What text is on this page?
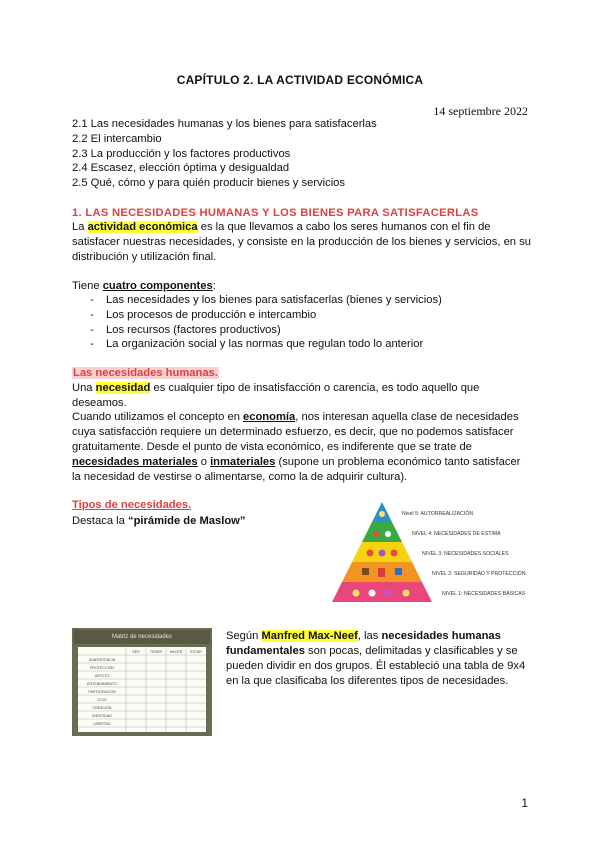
CAPÍTULO 2. LA ACTIVIDAD ECONÓMICA
14 septiembre 2022
2.1 Las necesidades humanas y los bienes para satisfacerlas
2.2 El intercambio
2.3 La producción y los factores productivos
2.4 Escasez, elección óptima y desigualdad
2.5 Qué, cómo y para quién producir bienes y servicios
1. LAS NECESIDADES HUMANAS Y LOS BIENES PARA SATISFACERLAS
La actividad económica es la que llevamos a cabo los seres humanos con el fin de satisfacer nuestras necesidades, y consiste en la producción de los bienes y servicios, en su distribución y utilización final.
Tiene cuatro componentes:
- Las necesidades y los bienes para satisfacerlas (bienes y servicios)
- Los procesos de producción e intercambio
- Los recursos (factores productivos)
- La organización social y las normas que regulan todo lo anterior
Las necesidades humanas.
Una necesidad es cualquier tipo de insatisfacción o carencia, es todo aquello que deseamos.
Cuando utilizamos el concepto en economía, nos interesan aquella clase de necesidades cuya satisfacción requiere un determinado esfuerzo, es decir, que no podemos satisfacer gratuitamente. Desde el punto de vista económico, es indiferente que se trate de necesidades materiales o inmateriales (supone un problema económico tanto satisfacer la necesidad de vestirse o alimentarse, como la de adquirir cultura).
Tipos de necesidades.
Destaca la “pirámide de Maslow”
Nivel 5: AUTORREALIZACIÓN
NIVEL 4: NECESIDADES DE ESTIMA
NIVEL 3: NECESIDADES SOCIALES
NIVEL 2: SEGURIDAD Y PROTECCIÓN
NIVEL 1: NECESIDADES BÁSICAS
Matriz de necesidades
SER	TENER HACER ESTAR
SUBSISTENCIA
PROTECCIÓN
AFECTO
ENTENDIMIENTO
PARTICIPACIÓN
OCIO
CREACIÓN
IDENTIDAD
LIBERTAD
Según Manfred Max-Neef, las necesidades humanas fundamentales son pocas, delimitadas y clasificables y se pueden dividir en dos grupos. Él estableció una tabla de 9x4 en la que clasificaba los diferentes tipos de necesidades.
1
